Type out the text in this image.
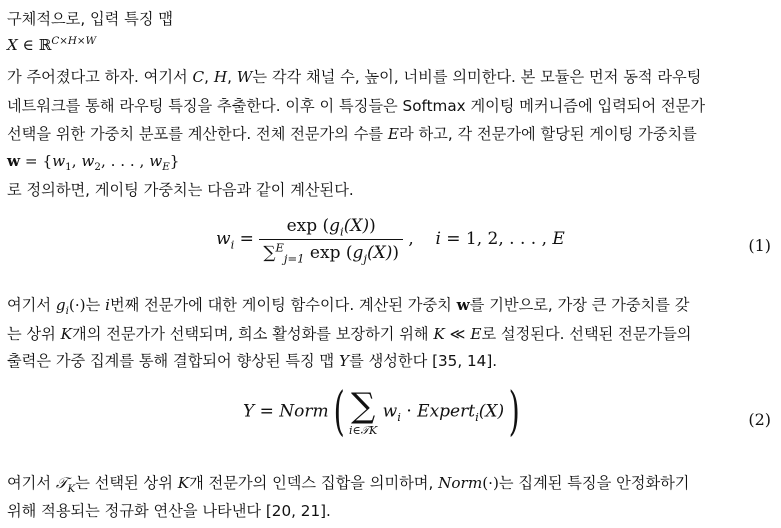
구체적으로, 입력 특징 맵
X ∈ ℝ$^{C\times H\times W}$
가 주어졌다고 하자. 여기서 C, H, W는 각각 채널 수, 높이, 너비를 의미한다. 본 모듈은 먼저 동적 라우팅
네트워크를 통해 라우팅 특징을 추출한다. 이후 이 특징들은 Softmax 게이팅 메커니즘에 입력되어 전문가
선택을 위한 가중치 분포를 계산한다. 전체 전문가의 수를 E라 하고, 각 전문가에 할당된 게이팅 가중치를
$w = \{w_1$, $w_2$, . . . , $w_E$}
로 정의하면, 게이팅 가중치는 다음과 같이 계산된다.
$w_i = \frac{\exp (g_i(X))}{\sum^E_{j=1} \exp (g_j(X))}$ , i = 1, 2, . . . , E	(1)
여기서 $g_i(\cdot)$는 i번째 전문가에 대한 게이팅 함수이다. 계산된 가중치 w를 기반으로, 가장 큰 가중치를 갖
는 상위 K개의 전문가가 선택되며, 희소 활성화를 보장하기 위해 K ≪ E로 설정된다. 선택된 전문가들의
출력은 가중 집계를 통해 결합되어 향상된 특징 맵 Y를 생성한다 [35, 14].
Y = Norm( ∑
i∈𝒯K
$w_i$ · Expert$_i$(X))	(2)
여기서 𝒯$_K$는 선택된 상위 K개 전문가의 인덱스 집합을 의미하며, Norm(·)는 집계된 특징을 안정화하기
위해 적용되는 정규화 연산을 나타낸다 [20, 21].
